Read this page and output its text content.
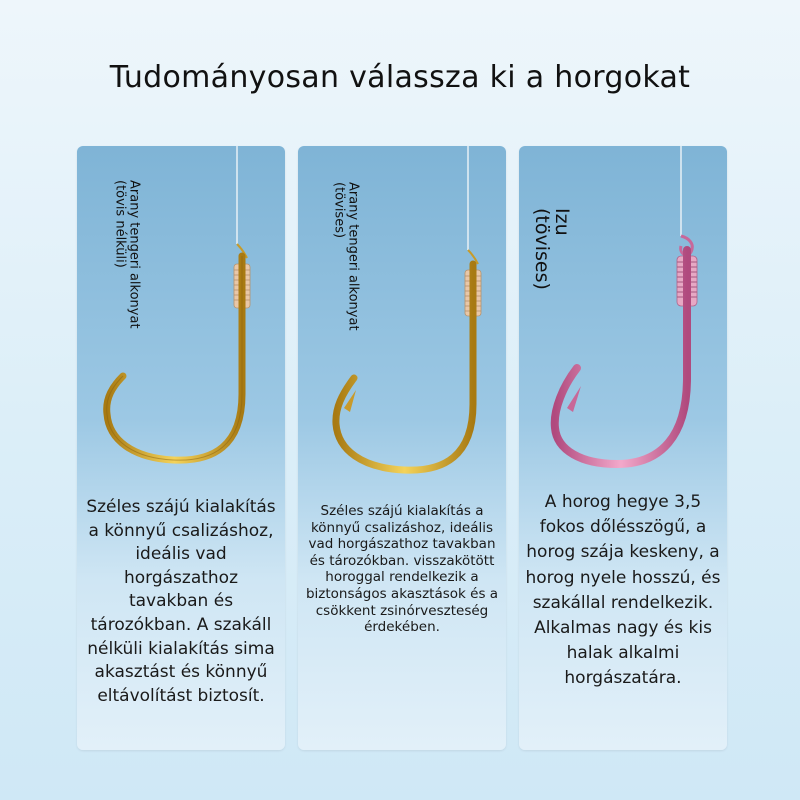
Tudományosan válassza ki a horgokat
Arany tengeri alkonyat
(tövis nélküli)
Széles szájú kialakítás a könnyű csalizáshoz, ideális vad horgászathoz tavakban és tározókban. A szakáll nélküli kialakítás sima akasztást és könnyű eltávolítást biztosít.
Arany tengeri alkonyat
(tövises)
Széles szájú kialakítás a könnyű csalizáshoz, ideális vad horgászathoz tavakban és tározókban. visszakötött horoggal rendelkezik a biztonságos akasztások és a csökkent zsinórveszteség érdekében.
Izu
(tövises)
A horog hegye 3,5 fokos dőlésszögű, a horog szája keskeny, a horog nyele hosszú, és szakállal rendelkezik. Alkalmas nagy és kis halak alkalmi horgászatára.
